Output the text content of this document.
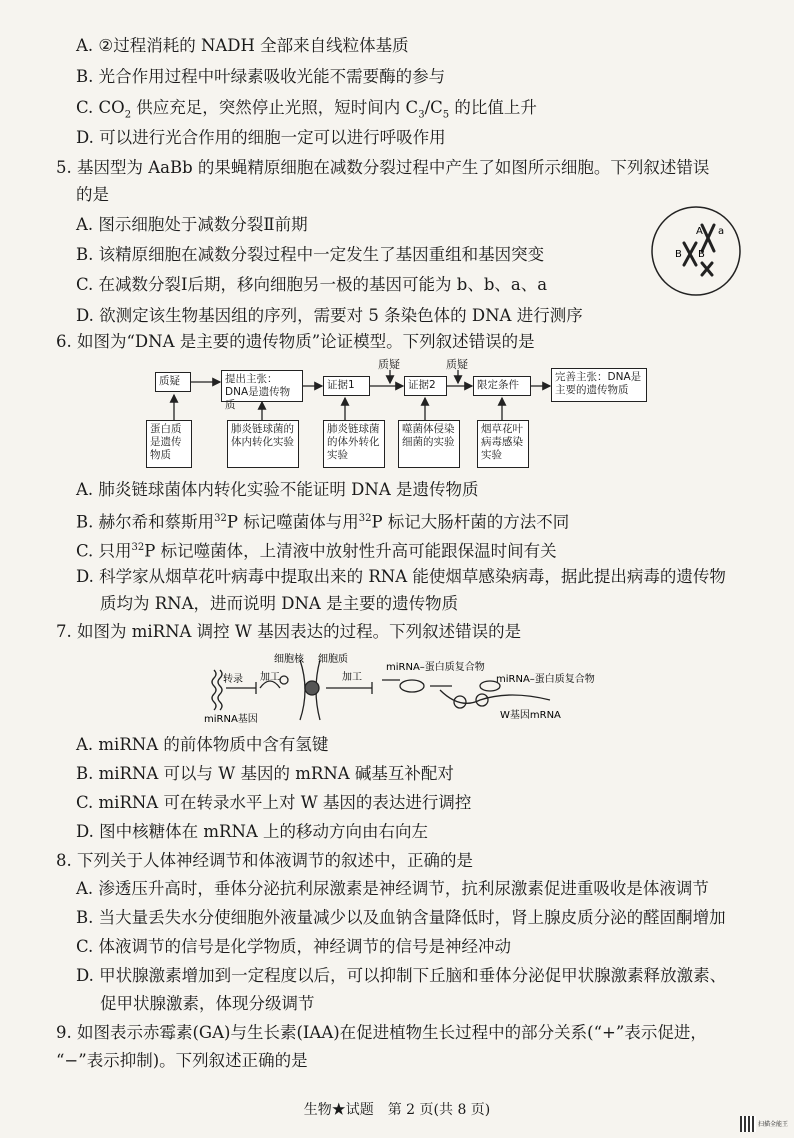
A. ②过程消耗的 NADH 全部来自线粒体基质
B. 光合作用过程中叶绿素吸收光能不需要酶的参与
C. $CO_2$ 供应充足，突然停止光照，短时间内 $C_3/C_5$ 的比值上升
D. 可以进行光合作用的细胞一定可以进行呼吸作用
5. 基因型为 AaBb 的果蝇精原细胞在减数分裂过程中产生了如图所示细胞。下列叙述错误
的是
A. 图示细胞处于减数分裂Ⅱ前期
B. 该精原细胞在减数分裂过程中一定发生了基因重组和基因突变
C. 在减数分裂Ⅰ后期，移向细胞另一极的基因可能为 b、b、a、a
D. 欲测定该生物基因组的序列，需要对 5 条染色体的 DNA 进行测序
A a
B B
6. 如图为“DNA 是主要的遗传物质”论证模型。下列叙述错误的是
质疑	提出主张：DNA是遗传物质
证据1	证据2	限定条件
完善主张：DNA是主要的遗传物质
蛋白质是遗传物质
肺炎链球菌的体内转化实验
肺炎链球菌的体外转化实验
噬菌体侵染细菌的实验
烟草花叶病毒感染实验
质疑	质疑
A. 肺炎链球菌体内转化实验不能证明 DNA 是遗传物质
B. 赫尔希和蔡斯用$^{32}$P 标记噬菌体与用$^{32}$P 标记大肠杆菌的方法不同
C. 只用$^{32}$P 标记噬菌体，上清液中放射性升高可能跟保温时间有关
D. 科学家从烟草花叶病毒中提取出来的 RNA 能使烟草感染病毒，据此提出病毒的遗传物
质均为 RNA，进而说明 DNA 是主要的遗传物质
7. 如图为 miRNA 调控 W 基因表达的过程。下列叙述错误的是
转录 加工
细胞核 细胞质
加工
miRNA–蛋白质复合物
miRNA–蛋白质复合物
miRNA基因	W基因mRNA
A. miRNA 的前体物质中含有氢键
B. miRNA 可以与 W 基因的 mRNA 碱基互补配对
C. miRNA 可在转录水平上对 W 基因的表达进行调控
D. 图中核糖体在 mRNA 上的移动方向由右向左
8. 下列关于人体神经调节和体液调节的叙述中，正确的是
A. 渗透压升高时，垂体分泌抗利尿激素是神经调节，抗利尿激素促进重吸收是体液调节
B. 当大量丢失水分使细胞外液量减少以及血钠含量降低时，肾上腺皮质分泌的醛固酮增加
C. 体液调节的信号是化学物质，神经调节的信号是神经冲动
D. 甲状腺激素增加到一定程度以后，可以抑制下丘脑和垂体分泌促甲状腺激素释放激素、
促甲状腺激素，体现分级调节
9. 如图表示赤霉素(GA)与生长素(IAA)在促进植物生长过程中的部分关系(“+”表示促进，
“−”表示抑制)。下列叙述正确的是
生物★试题　第 2 页(共 8 页)
扫描全能王
